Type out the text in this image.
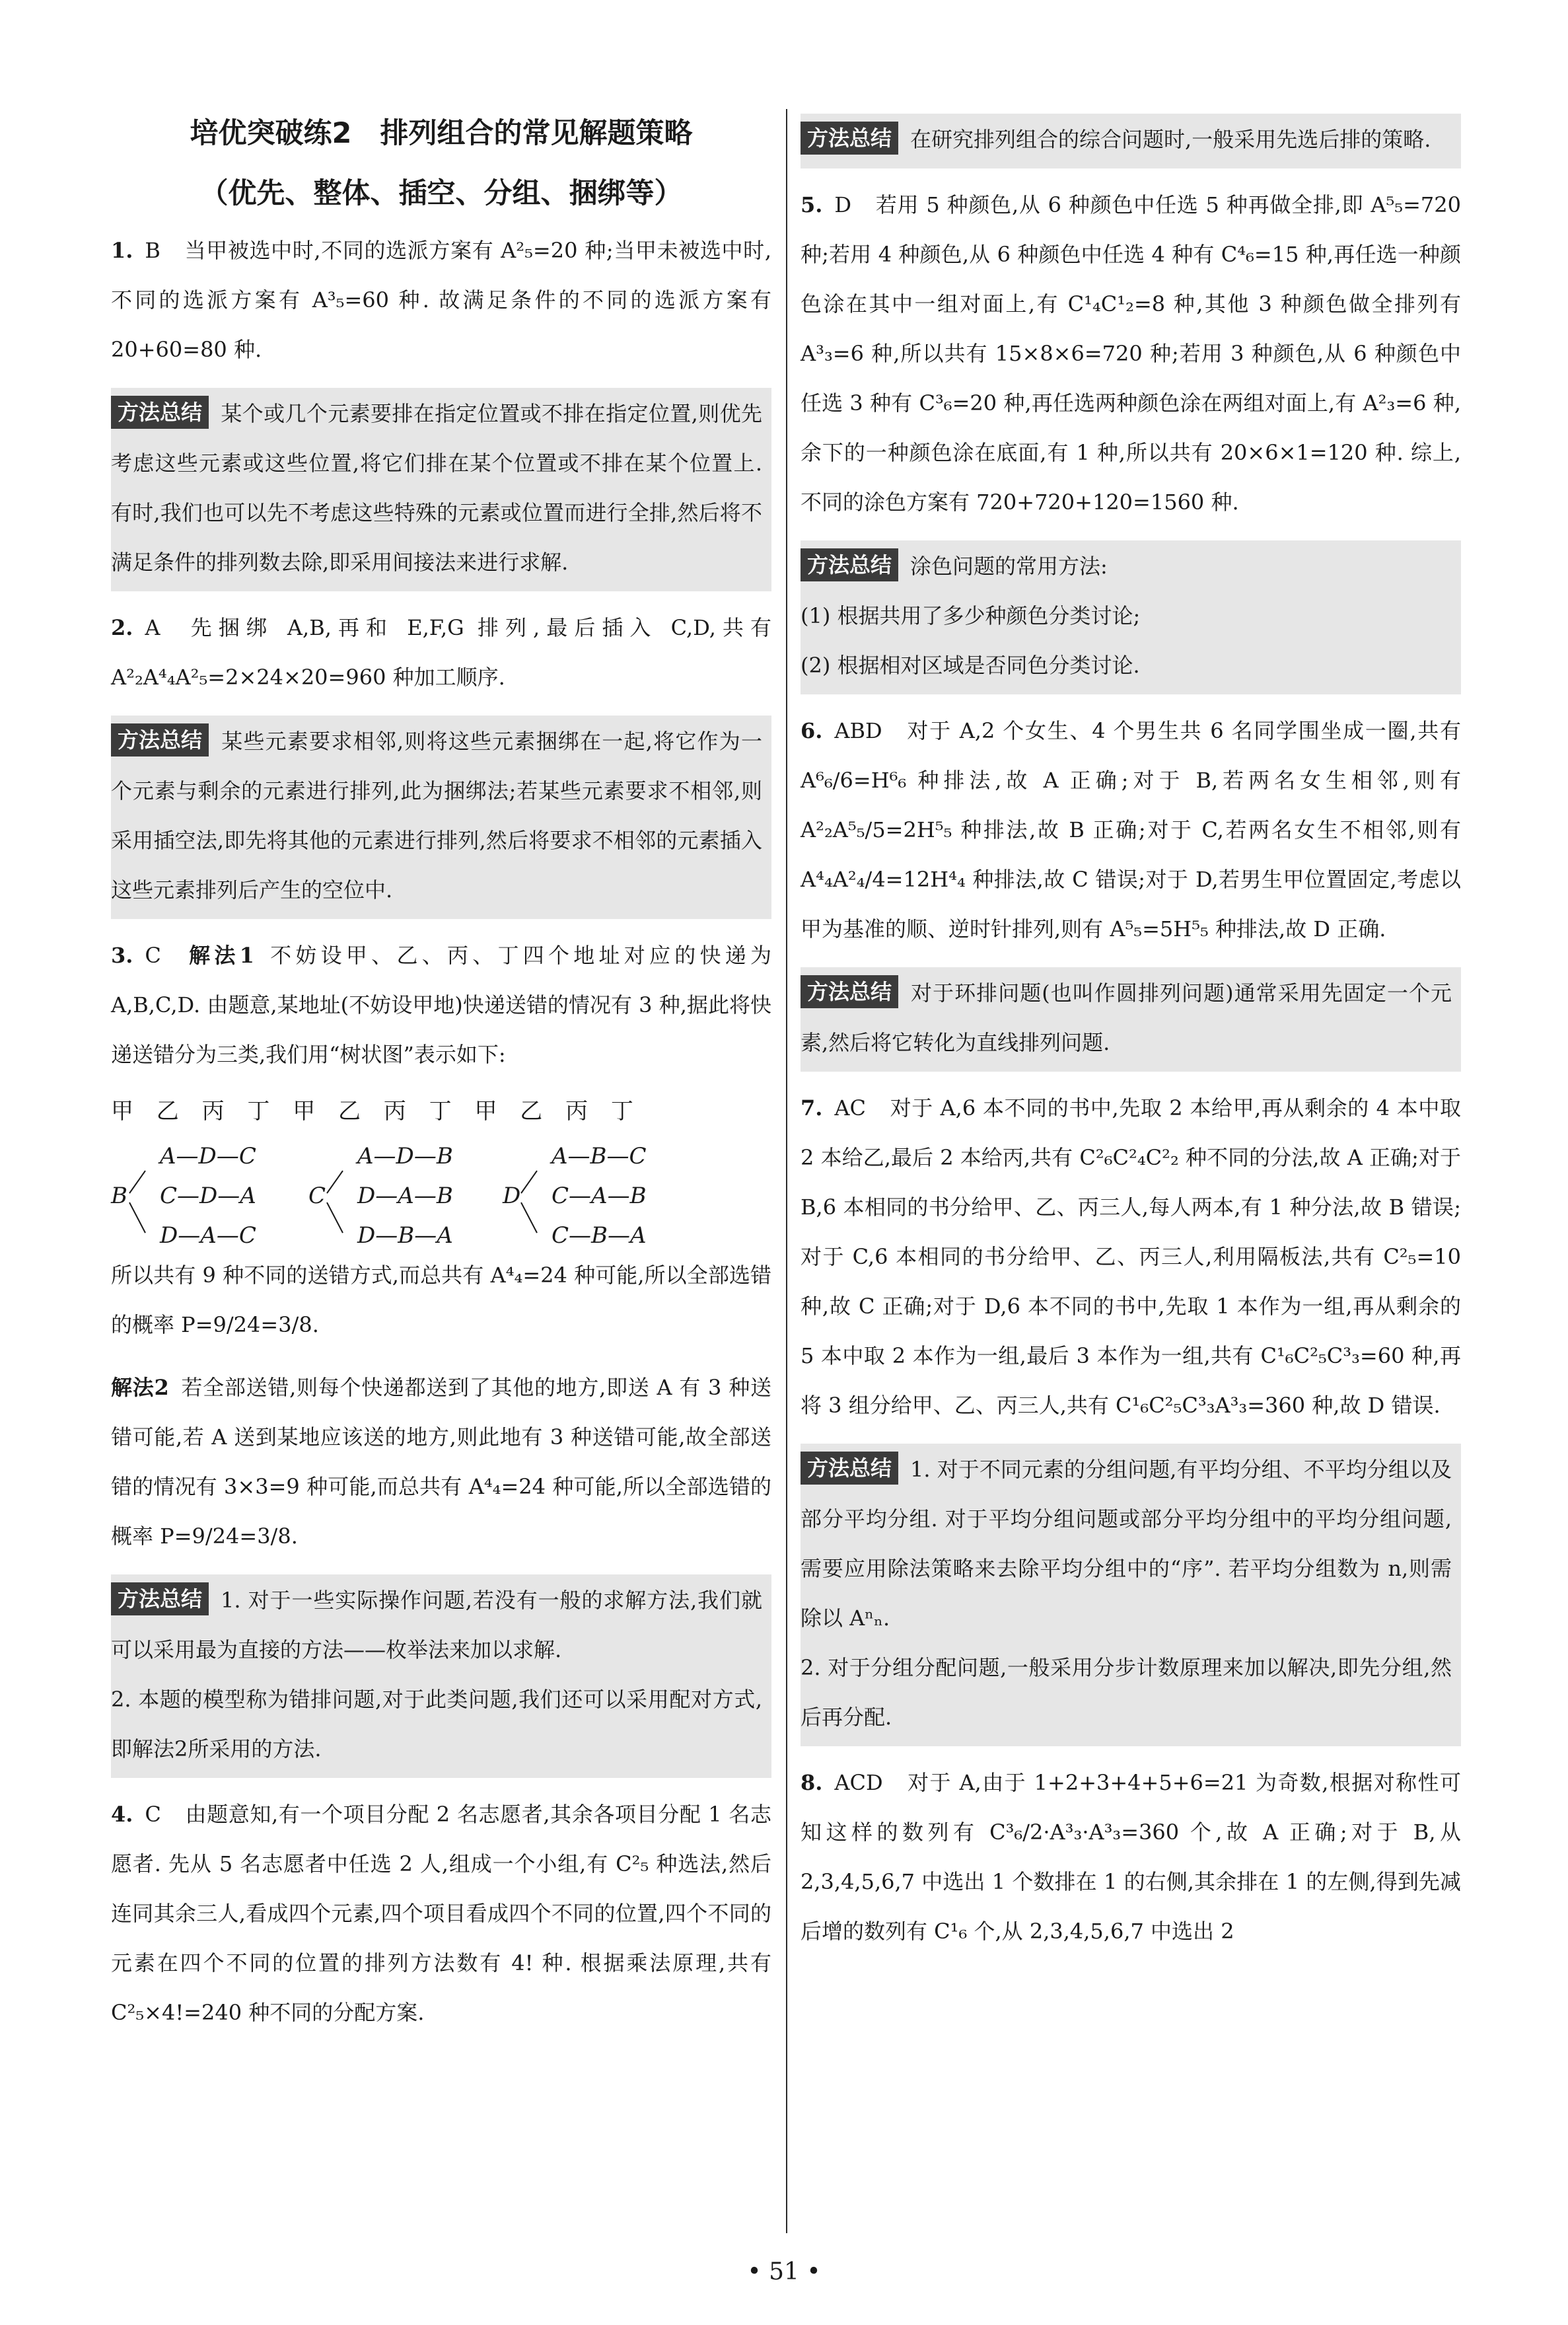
培优突破练2　排列组合的常见解题策略
（优先、整体、插空、分组、捆绑等）

1. B 当甲被选中时,不同的选派方案有 A²₅=20 种;当甲未被选中时,不同的选派方案有 A³₅=60 种. 故满足条件的不同的选派方案有 20+60=80 种.

方法总结 某个或几个元素要排在指定位置或不排在指定位置,则优先考虑这些元素或这些位置,将它们排在某个位置或不排在某个位置上. 有时,我们也可以先不考虑这些特殊的元素或位置而进行全排,然后将不满足条件的排列数去除,即采用间接法来进行求解.

2. A 先捆绑 A,B,再和 E,F,G 排列,最后插入 C,D,共有 A²₂A⁴₄A²₅=2×24×20=960 种加工顺序.

方法总结 某些元素要求相邻,则将这些元素捆绑在一起,将它作为一个元素与剩余的元素进行排列,此为捆绑法;若某些元素要求不相邻,则采用插空法,即先将其他的元素进行排列,然后将要求不相邻的元素插入这些元素排列后产生的空位中.

3. C 解法1 不妨设甲、乙、丙、丁四个地址对应的快递为 A,B,C,D. 由题意,某地址(不妨设甲地)快递送错的情况有 3 种,据此将快递送错分为三类,我们用“树状图”表示如下:

甲 乙 丙 丁 甲 乙 丙 丁 甲 乙 丙 丁
B
A—D—C
C—D—A
D—A—C
C
A—D—B
D—A—B
D—B—A
D
A—B—C
C—A—B
C—B—A

所以共有 9 种不同的送错方式,而总共有 A⁴₄=24 种可能,所以全部选错的概率 P=9/24=3/8.

解法2 若全部送错,则每个快递都送到了其他的地方,即送 A 有 3 种送错可能,若 A 送到某地应该送的地方,则此地有 3 种送错可能,故全部送错的情况有 3×3=9 种可能,而总共有 A⁴₄=24 种可能,所以全部选错的概率 P=9/24=3/8.

方法总结 1. 对于一些实际操作问题,若没有一般的求解方法,我们就可以采用最为直接的方法——枚举法来加以求解.
2. 本题的模型称为错排问题,对于此类问题,我们还可以采用配对方式,即解法2所采用的方法.

4. C 由题意知,有一个项目分配 2 名志愿者,其余各项目分配 1 名志愿者. 先从 5 名志愿者中任选 2 人,组成一个小组,有 C²₅ 种选法,然后连同其余三人,看成四个元素,四个项目看成四个不同的位置,四个不同的元素在四个不同的位置的排列方法数有 4! 种. 根据乘法原理,共有 C²₅×4!=240 种不同的分配方案.

方法总结 在研究排列组合的综合问题时,一般采用先选后排的策略.

5. D 若用 5 种颜色,从 6 种颜色中任选 5 种再做全排,即 A⁵₅=720 种;若用 4 种颜色,从 6 种颜色中任选 4 种有 C⁴₆=15 种,再任选一种颜色涂在其中一组对面上,有 C¹₄C¹₂=8 种,其他 3 种颜色做全排列有 A³₃=6 种,所以共有 15×8×6=720 种;若用 3 种颜色,从 6 种颜色中任选 3 种有 C³₆=20 种,再任选两种颜色涂在两组对面上,有 A²₃=6 种,余下的一种颜色涂在底面,有 1 种,所以共有 20×6×1=120 种. 综上,不同的涂色方案有 720+720+120=1560 种.

方法总结 涂色问题的常用方法:
(1) 根据共用了多少种颜色分类讨论;
(2) 根据相对区域是否同色分类讨论.

6. ABD 对于 A,2 个女生、4 个男生共 6 名同学围坐成一圈,共有 A⁶₆/6=H⁶₆ 种排法,故 A 正确;对于 B,若两名女生相邻,则有 A²₂A⁵₅/5=2H⁵₅ 种排法,故 B 正确;对于 C,若两名女生不相邻,则有 A⁴₄A²₄/4=12H⁴₄ 种排法,故 C 错误;对于 D,若男生甲位置固定,考虑以甲为基准的顺、逆时针排列,则有 A⁵₅=5H⁵₅ 种排法,故 D 正确.

方法总结 对于环排问题(也叫作圆排列问题)通常采用先固定一个元素,然后将它转化为直线排列问题.

7. AC 对于 A,6 本不同的书中,先取 2 本给甲,再从剩余的 4 本中取 2 本给乙,最后 2 本给丙,共有 C²₆C²₄C²₂ 种不同的分法,故 A 正确;对于 B,6 本相同的书分给甲、乙、丙三人,每人两本,有 1 种分法,故 B 错误;对于 C,6 本相同的书分给甲、乙、丙三人,利用隔板法,共有 C²₅=10 种,故 C 正确;对于 D,6 本不同的书中,先取 1 本作为一组,再从剩余的 5 本中取 2 本作为一组,最后 3 本作为一组,共有 C¹₆C²₅C³₃=60 种,再将 3 组分给甲、乙、丙三人,共有 C¹₆C²₅C³₃A³₃=360 种,故 D 错误.

方法总结 1. 对于不同元素的分组问题,有平均分组、不平均分组以及部分平均分组. 对于平均分组问题或部分平均分组中的平均分组问题,需要应用除法策略来去除平均分组中的“序”. 若平均分组数为 n,则需除以 Aⁿₙ.
2. 对于分组分配问题,一般采用分步计数原理来加以解决,即先分组,然后再分配.

8. ACD 对于 A,由于 1+2+3+4+5+6=21 为奇数,根据对称性可知这样的数列有 C³₆/2·A³₃·A³₃=360 个,故 A 正确;对于 B,从 2,3,4,5,6,7 中选出 1 个数排在 1 的右侧,其余排在 1 的左侧,得到先减后增的数列有 C¹₆ 个,从 2,3,4,5,6,7 中选出 2

• 51 •
